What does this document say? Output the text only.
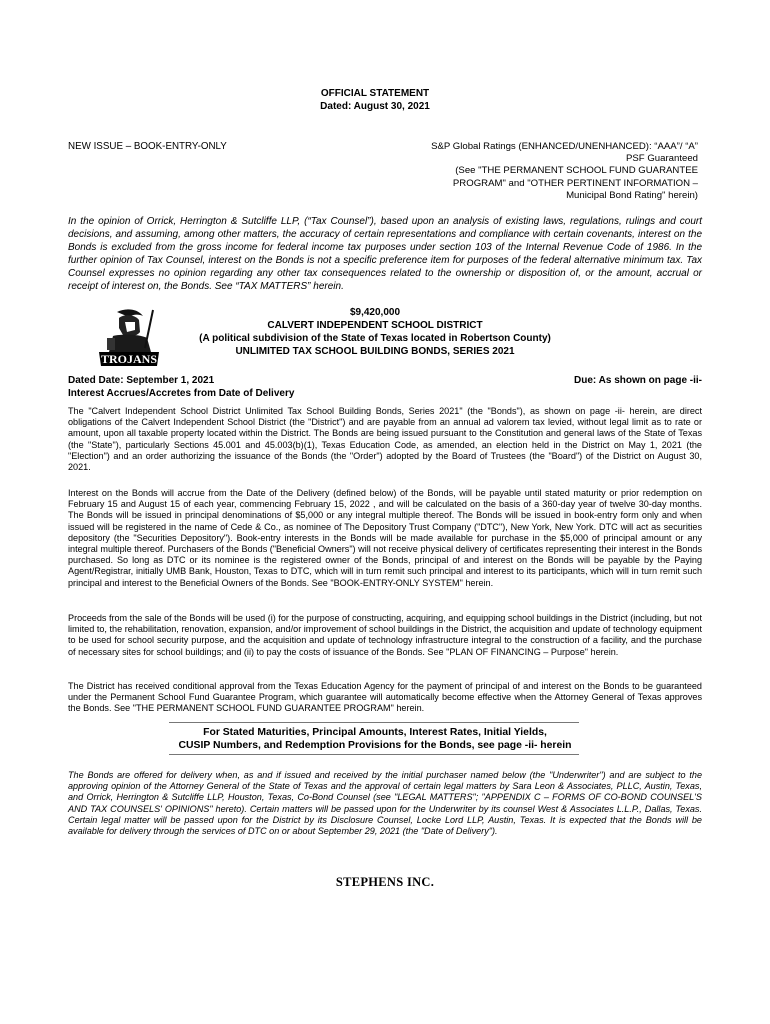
OFFICIAL STATEMENT
Dated: August 30, 2021
NEW ISSUE – BOOK-ENTRY-ONLY	S&P Global Ratings (ENHANCED/UNENHANCED): “AAA”/ “A”
PSF Guaranteed
(See "THE PERMANENT SCHOOL FUND GUARANTEE
PROGRAM" and "OTHER PERTINENT INFORMATION –
Municipal Bond Rating" herein)
In the opinion of Orrick, Herrington & Sutcliffe LLP, (“Tax Counsel”), based upon an analysis of existing laws, regulations, rulings and court decisions, and assuming, among other matters, the accuracy of certain representations and compliance with certain covenants, interest on the Bonds is excluded from the gross income for federal income tax purposes under section 103 of the Internal Revenue Code of 1986. In the further opinion of Tax Counsel, interest on the Bonds is not a specific preference item for purposes of the federal alternative minimum tax. Tax Counsel expresses no opinion regarding any other tax consequences related to the ownership or disposition of, or the amount, accrual or receipt of interest on, the Bonds. See “TAX MATTERS” herein.
TROJANS
$9,420,000
CALVERT INDEPENDENT SCHOOL DISTRICT
(A political subdivision of the State of Texas located in Robertson County)
UNLIMITED TAX SCHOOL BUILDING BONDS, SERIES 2021
Dated Date: September 1, 2021
Interest Accrues/Accretes from Date of Delivery
Due: As shown on page -ii-
The "Calvert Independent School District Unlimited Tax School Building Bonds, Series 2021" (the "Bonds"), as shown on page -ii- herein, are direct obligations of the Calvert Independent School District (the "District") and are payable from an annual ad valorem tax levied, without legal limit as to rate or amount, upon all taxable property located within the District. The Bonds are being issued pursuant to the Constitution and general laws of the State of Texas (the "State"), particularly Sections 45.001 and 45.003(b)(1), Texas Education Code, as amended, an election held in the District on May 1, 2021 (the "Election") and an order authorizing the issuance of the Bonds (the "Order") adopted by the Board of Trustees (the "Board") of the District on August 30, 2021.
Interest on the Bonds will accrue from the Date of the Delivery (defined below) of the Bonds, will be payable until stated maturity or prior redemption on February 15 and August 15 of each year, commencing February 15, 2022 , and will be calculated on the basis of a 360-day year of twelve 30-day months. The Bonds will be issued in principal denominations of $5,000 or any integral multiple thereof. The Bonds will be issued in book-entry form only and when issued will be registered in the name of Cede & Co., as nominee of The Depository Trust Company ("DTC"), New York, New York. DTC will act as securities depository (the "Securities Depository"). Book-entry interests in the Bonds will be made available for purchase in the $5,000 of principal amount or any integral multiple thereof. Purchasers of the Bonds ("Beneficial Owners") will not receive physical delivery of certificates representing their interest in the Bonds purchased. So long as DTC or its nominee is the registered owner of the Bonds, principal of and interest on the Bonds will be payable by the Paying Agent/Registrar, initially UMB Bank, Houston, Texas to DTC, which will in turn remit such principal and interest to its participants, which will in turn remit such principal and interest to the Beneficial Owners of the Bonds. See "BOOK-ENTRY-ONLY SYSTEM" herein.
Proceeds from the sale of the Bonds will be used (i) for the purpose of constructing, acquiring, and equipping school buildings in the District (including, but not limited to, the rehabilitation, renovation, expansion, and/or improvement of school buildings in the District, the acquisition and update of technology equipment to be used for school security purpose, and the acquisition and update of technology infrastructure integral to the construction of a facility, and the purchase of necessary sites for school buildings; and (ii) to pay the costs of issuance of the Bonds. See "PLAN OF FINANCING – Purpose" herein.
The District has received conditional approval from the Texas Education Agency for the payment of principal of and interest on the Bonds to be guaranteed under the Permanent School Fund Guarantee Program, which guarantee will automatically become effective when the Attorney General of Texas approves the Bonds. See "THE PERMANENT SCHOOL FUND GUARANTEE PROGRAM" herein.
For Stated Maturities, Principal Amounts, Interest Rates, Initial Yields,
CUSIP Numbers, and Redemption Provisions for the Bonds, see page -ii- herein
The Bonds are offered for delivery when, as and if issued and received by the initial purchaser named below (the "Underwriter") and are subject to the approving opinion of the Attorney General of the State of Texas and the approval of certain legal matters by Sara Leon & Associates, PLLC, Austin, Texas, and Orrick, Herrington & Sutcliffe LLP, Houston, Texas, Co-Bond Counsel (see "LEGAL MATTERS"; "APPENDIX C – FORMS OF CO-BOND COUNSEL'S AND TAX COUNSELS' OPINIONS" hereto). Certain matters will be passed upon for the Underwriter by its counsel West & Associates L.L.P., Dallas, Texas. Certain legal matter will be passed upon for the District by its Disclosure Counsel, Locke Lord LLP, Austin, Texas. It is expected that the Bonds will be available for delivery through the services of DTC on or about September 29, 2021 (the "Date of Delivery").
STEPHENS INC.
